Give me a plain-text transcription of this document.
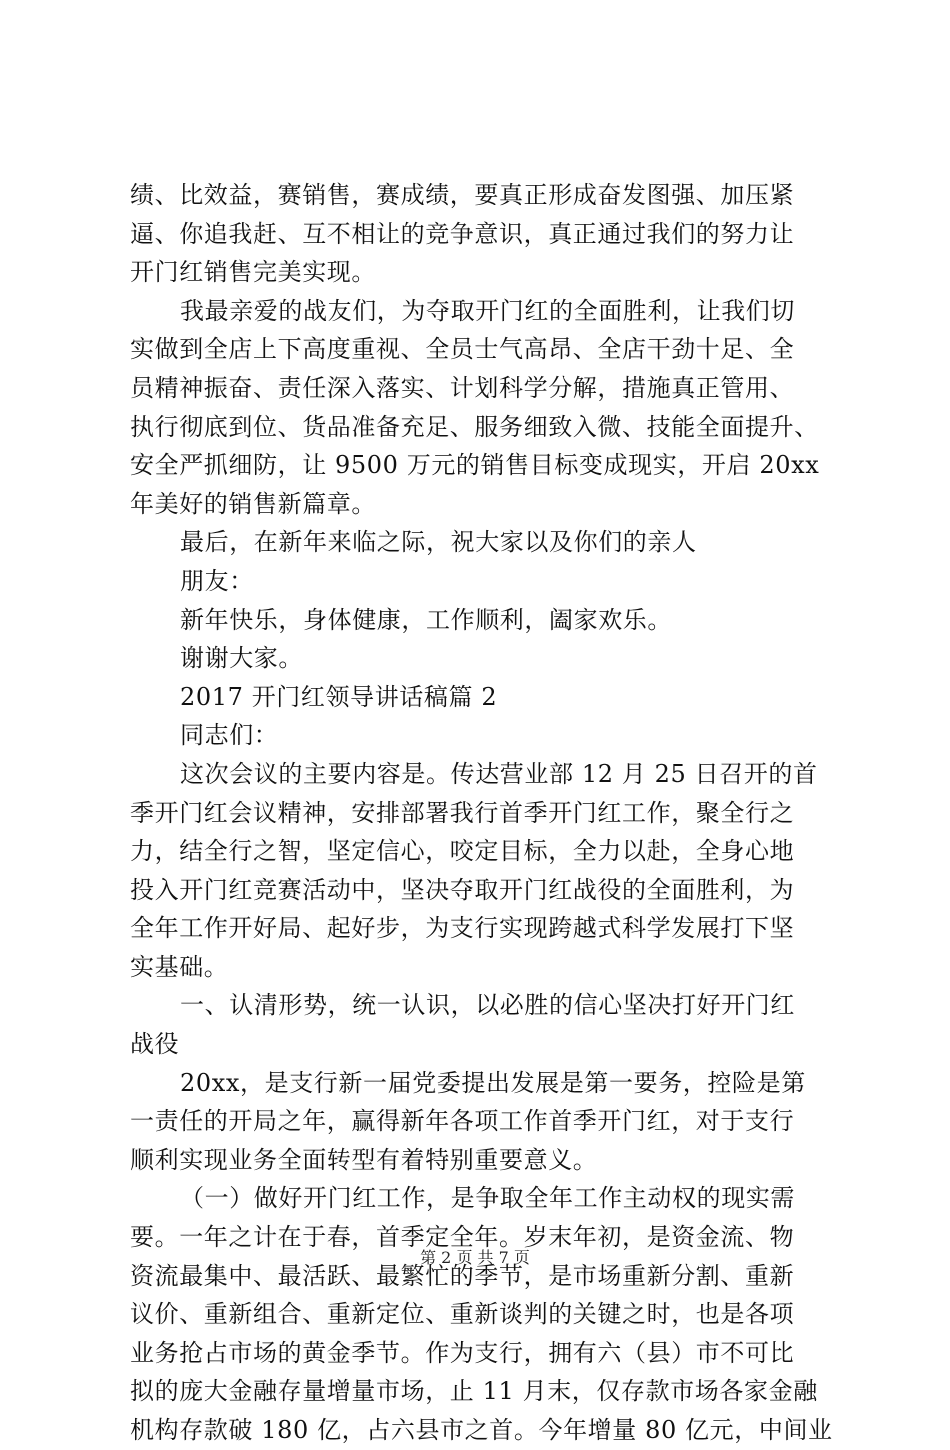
绩、比效益，赛销售，赛成绩，要真正形成奋发图强、加压紧
逼、你追我赶、互不相让的竞争意识，真正通过我们的努力让
开门红销售完美实现。
我最亲爱的战友们，为夺取开门红的全面胜利，让我们切
实做到全店上下高度重视、全员士气高昂、全店干劲十足、全
员精神振奋、责任深入落实、计划科学分解，措施真正管用、
执行彻底到位、货品准备充足、服务细致入微、技能全面提升、
安全严抓细防，让 9500 万元的销售目标变成现实，开启 20xx
年美好的销售新篇章。
最后，在新年来临之际，祝大家以及你们的亲人
朋友：
新年快乐，身体健康，工作顺利，阖家欢乐。
谢谢大家。
2017 开门红领导讲话稿篇 2
同志们：
这次会议的主要内容是。传达营业部 12 月 25 日召开的首
季开门红会议精神，安排部署我行首季开门红工作，聚全行之
力，结全行之智，坚定信心，咬定目标，全力以赴，全身心地
投入开门红竞赛活动中，坚决夺取开门红战役的全面胜利，为
全年工作开好局、起好步，为支行实现跨越式科学发展打下坚
实基础。
一、认清形势，统一认识，以必胜的信心坚决打好开门红
战役
20xx，是支行新一届党委提出发展是第一要务，控险是第
一责任的开局之年，赢得新年各项工作首季开门红，对于支行
顺利实现业务全面转型有着特别重要意义。
（一）做好开门红工作，是争取全年工作主动权的现实需
要。一年之计在于春，首季定全年。岁末年初，是资金流、物
资流最集中、最活跃、最繁忙的季节，是市场重新分割、重新
议价、重新组合、重新定位、重新谈判的关键之时，也是各项
业务抢占市场的黄金季节。作为支行，拥有六（县）市不可比
拟的庞大金融存量增量市场，止 11 月末，仅存款市场各家金融
机构存款破 180 亿，占六县市之首。今年增量 80 亿元，中间业
第 2 页 共 7 页
